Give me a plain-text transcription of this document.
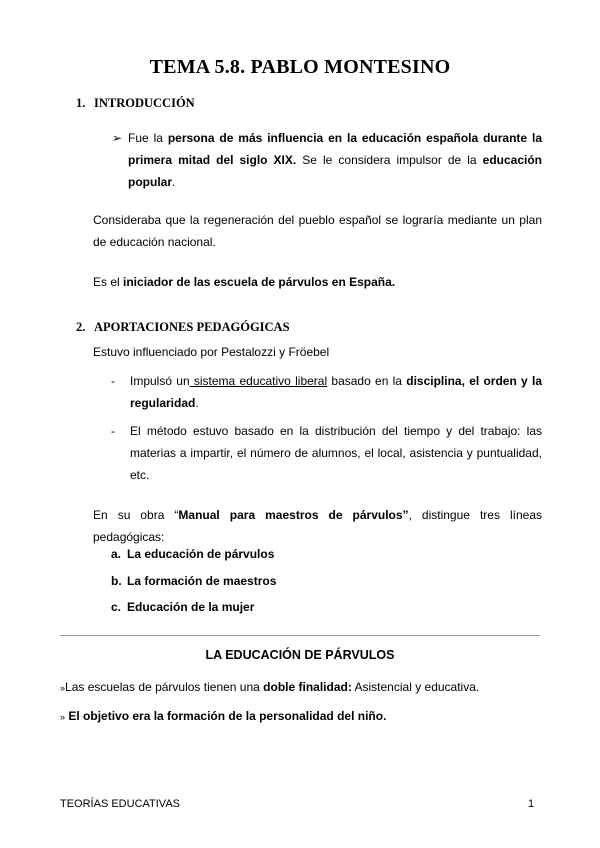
TEMA 5.8. PABLO MONTESINO
1. INTRODUCCIÓN
➢ Fue la persona de más influencia en la educación española durante la primera mitad del siglo XIX. Se le considera impulsor de la educación popular.
Consideraba que la regeneración del pueblo español se lograría mediante un plan de educación nacional.
Es el iniciador de las escuela de párvulos en España.
2. APORTACIONES PEDAGÓGICAS
Estuvo influenciado por Pestalozzi y Fröebel
- Impulsó un sistema educativo liberal basado en la disciplina, el orden y la regularidad.
- El método estuvo basado en la distribución del tiempo y del trabajo: las materias a impartir, el número de alumnos, el local, asistencia y puntualidad, etc.
En su obra “Manual para maestros de párvulos”, distingue tres líneas pedagógicas:
a. La educación de párvulos
b. La formación de maestros
c. Educación de la mujer
LA EDUCACIÓN DE PÁRVULOS
»Las escuelas de párvulos tienen una doble finalidad: Asistencial y educativa.
» El objetivo era la formación de la personalidad del niño.
TEORÍAS EDUCATIVAS	1
